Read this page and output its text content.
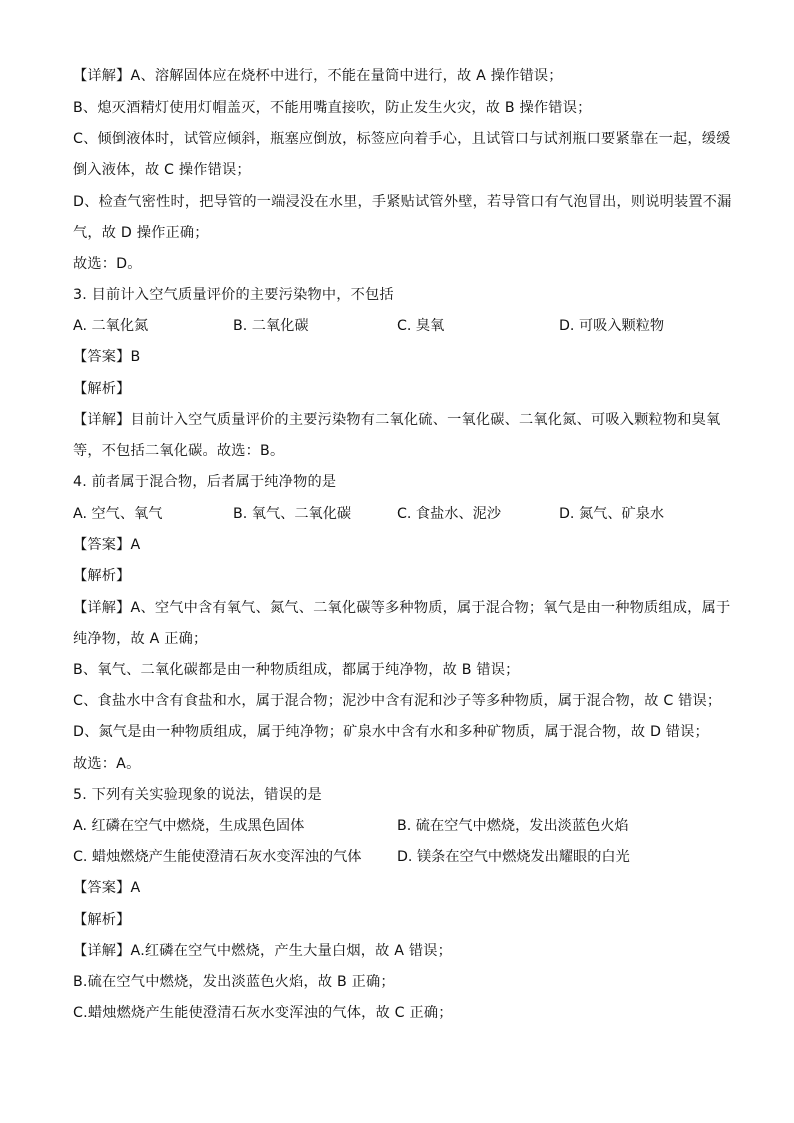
【详解】A、溶解固体应在烧杯中进行，不能在量筒中进行，故 A 操作错误；
B、熄灭酒精灯使用灯帽盖灭，不能用嘴直接吹，防止发生火灾，故 B 操作错误；
C、倾倒液体时，试管应倾斜，瓶塞应倒放，标签应向着手心，且试管口与试剂瓶口要紧靠在一起，缓缓
倒入液体，故 C 操作错误；
D、检查气密性时，把导管的一端浸没在水里，手紧贴试管外壁，若导管口有气泡冒出，则说明装置不漏
气，故 D 操作正确；
故选：D。
3. 目前计入空气质量评价的主要污染物中，不包括
A. 二氧化氮	B. 二氧化碳	C. 臭氧	D. 可吸入颗粒物
【答案】B
【解析】
【详解】目前计入空气质量评价的主要污染物有二氧化硫、一氧化碳、二氧化氮、可吸入颗粒物和臭氧
等，不包括二氧化碳。故选：B。
4. 前者属于混合物，后者属于纯净物的是
A. 空气、氧气	B. 氧气、二氧化碳	C. 食盐水、泥沙	D. 氮气、矿泉水
【答案】A
【解析】
【详解】A、空气中含有氧气、氮气、二氧化碳等多种物质，属于混合物；氧气是由一种物质组成，属于
纯净物，故 A 正确；
B、氧气、二氧化碳都是由一种物质组成，都属于纯净物，故 B 错误；
C、食盐水中含有食盐和水，属于混合物；泥沙中含有泥和沙子等多种物质，属于混合物，故 C 错误；
D、氮气是由一种物质组成，属于纯净物；矿泉水中含有水和多种矿物质，属于混合物，故 D 错误；
故选：A。
5. 下列有关实验现象的说法，错误的是
A. 红磷在空气中燃烧，生成黑色固体	B. 硫在空气中燃烧，发出淡蓝色火焰
C. 蜡烛燃烧产生能使澄清石灰水变浑浊的气体	D. 镁条在空气中燃烧发出耀眼的白光
【答案】A
【解析】
【详解】A.红磷在空气中燃烧，产生大量白烟，故 A 错误；
B.硫在空气中燃烧，发出淡蓝色火焰，故 B 正确；
C.蜡烛燃烧产生能使澄清石灰水变浑浊的气体，故 C 正确；
